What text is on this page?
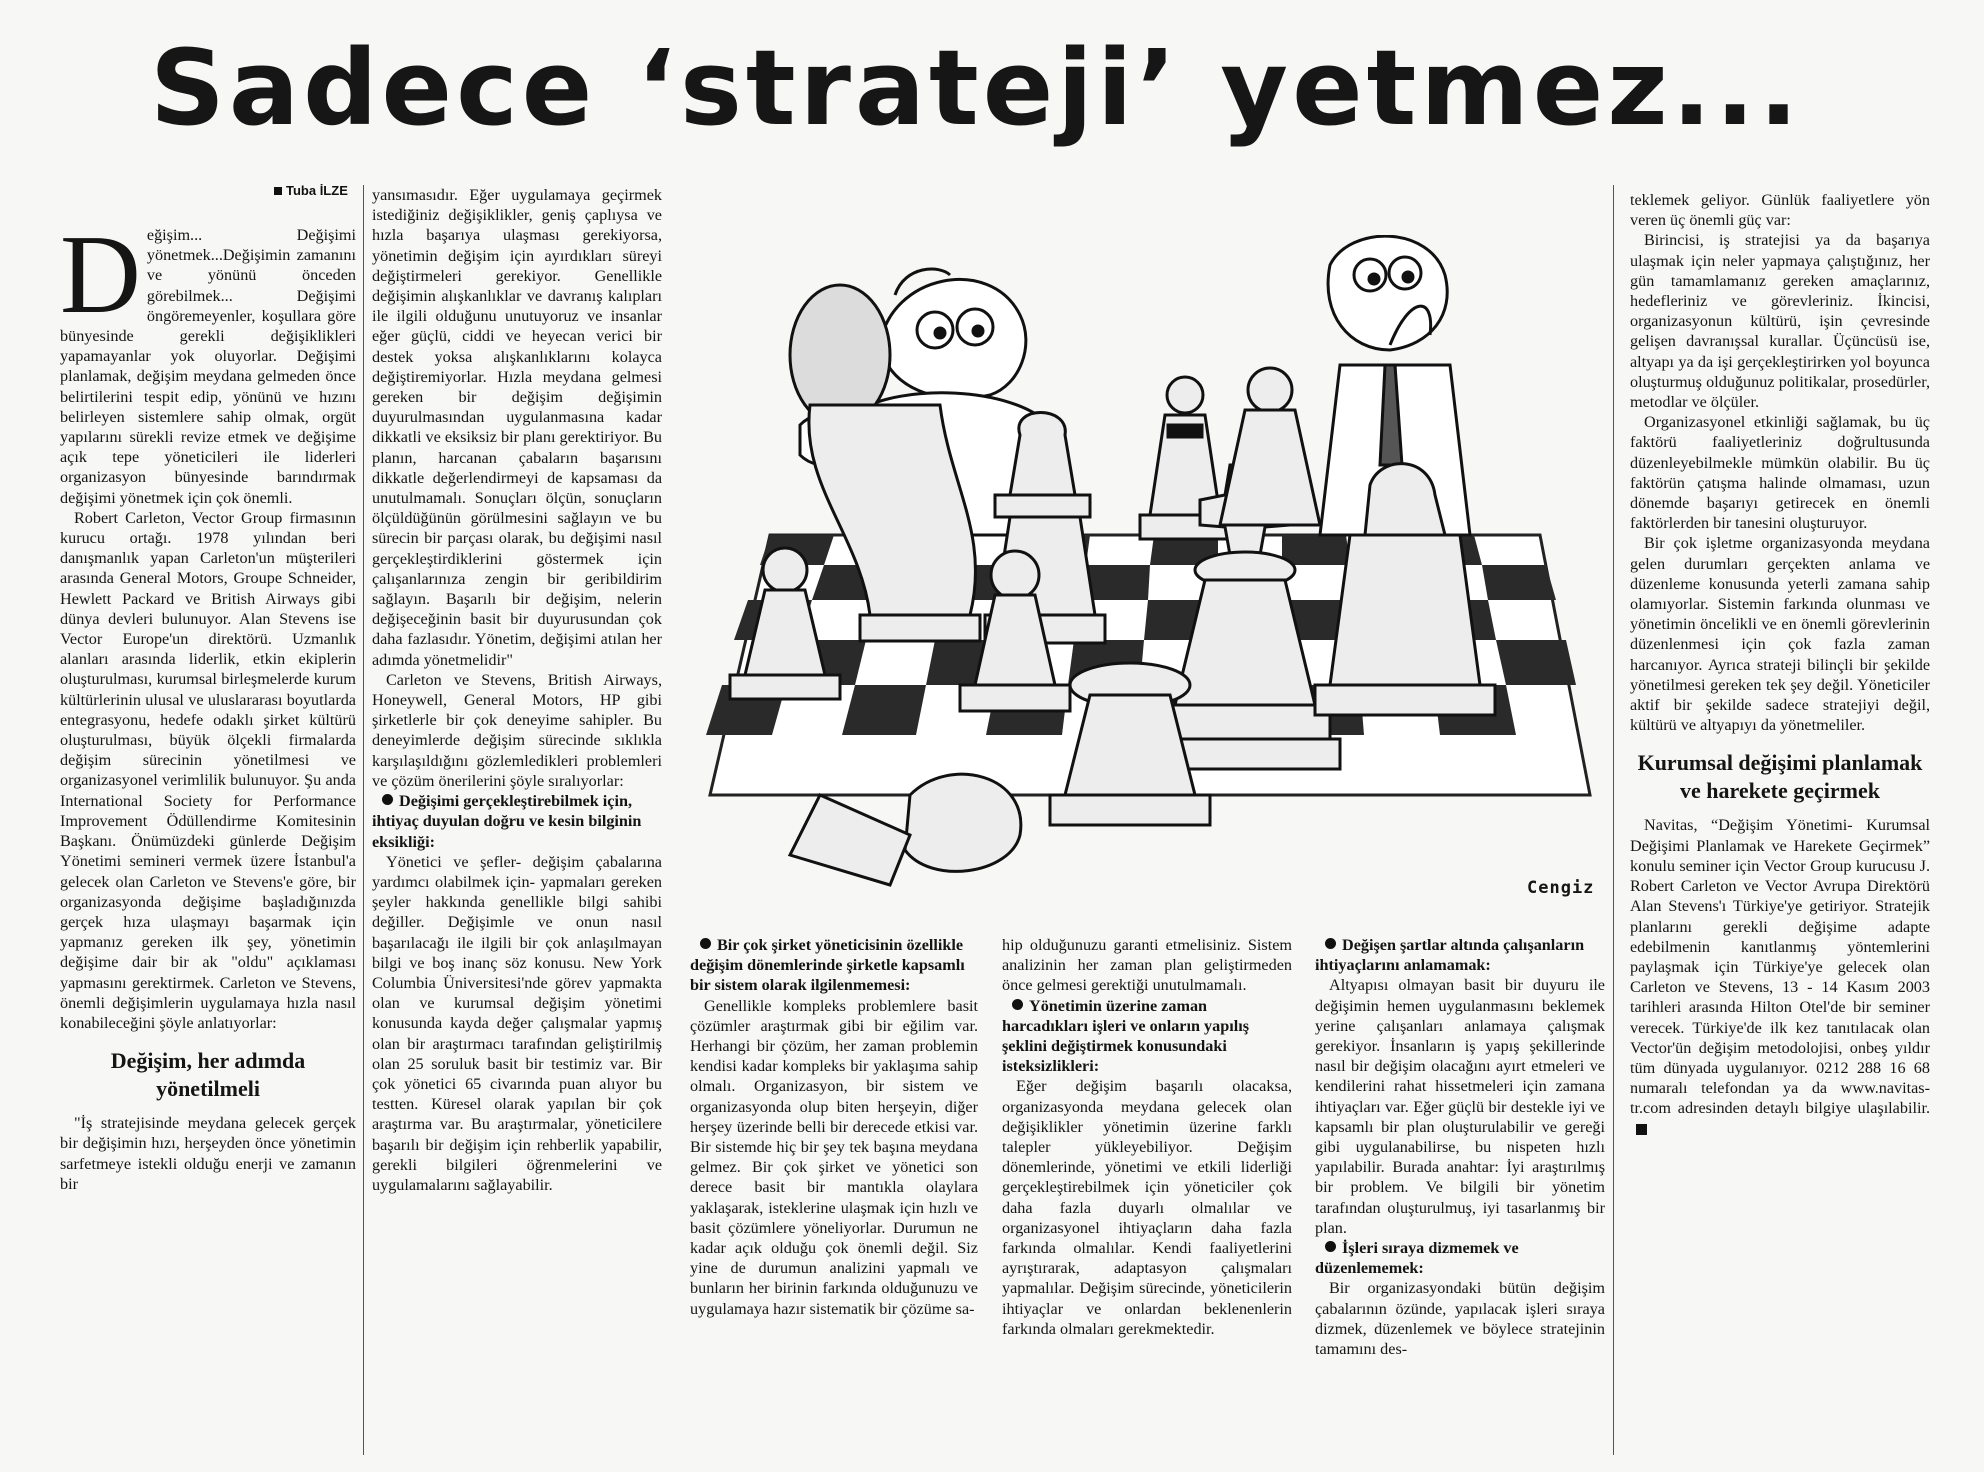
Sadece ‘strateji’ yetmez...
Tuba İLZE

Değişim... Değişimi yönetmek...Değişimin zamanını ve yönünü önceden görebilmek... Değişimi öngöremeyenler, koşullara göre bünyesinde gerekli değişiklikleri yapamayanlar yok oluyorlar. Değişimi planlamak, değişim meydana gelmeden önce belirtilerini tespit edip, yönünü ve hızını belirleyen sistemlere sahip olmak, orgüt yapılarını sürekli revize etmek ve değişime açık tepe yöneticileri ile liderleri organizasyon bünyesinde barındırmak değişimi yönetmek için çok önemli.

Robert Carleton, Vector Group firmasının kurucu ortağı. 1978 yılından beri danışmanlık yapan Carleton'un müşterileri arasında General Motors, Groupe Schneider, Hewlett Packard ve British Airways gibi dünya devleri bulunuyor. Alan Stevens ise Vector Europe'un direktörü. Uzmanlık alanları arasında liderlik, etkin ekiplerin oluşturulması, kurumsal birleşmelerde kurum kültürlerinin ulusal ve uluslararası boyutlarda entegrasyonu, hedefe odaklı şirket kültürü oluşturulması, büyük ölçekli firmalarda değişim sürecinin yönetilmesi ve organizasyonel verimlilik bulunuyor. Şu anda International Society for Performance Improvement Ödüllendirme Komitesinin Başkanı. Önümüzdeki günlerde Değişim Yönetimi semineri vermek üzere İstanbul'a gelecek olan Carleton ve Stevens'e göre, bir organizasyonda değişime başladığınızda gerçek hıza ulaşmayı başarmak için yapmanız gereken ilk şey, yönetimin değişime dair bir ak "oldu" açıklaması yapmasını gerektirmek. Carleton ve Stevens, önemli değişimlerin uygulamaya hızla nasıl konabileceğini şöyle anlatıyorlar:

Değişim, her adımda yönetilmeli

"İş stratejisinde meydana gelecek gerçek bir değişimin hızı, herşeyden önce yönetimin sarfetmeye istekli olduğu enerji ve zamanın bir

yansımasıdır. Eğer uygulamaya geçirmek istediğiniz değişiklikler, geniş çaplıysa ve hızla başarıya ulaşması gerekiyorsa, yönetimin değişim için ayırdıkları süreyi değiştirmeleri gerekiyor. Genellikle değişimin alışkanlıklar ve davranış kalıpları ile ilgili olduğunu unutuyoruz ve insanlar eğer güçlü, ciddi ve heyecan verici bir destek yoksa alışkanlıklarını kolayca değiştiremiyorlar. Hızla meydana gelmesi gereken bir değişim değişimin duyurulmasından uygulanmasına kadar dikkatli ve eksiksiz bir planı gerektiriyor. Bu planın, harcanan çabaların başarısını dikkatle değerlendirmeyi de kapsaması da unutulmamalı. Sonuçları ölçün, sonuçların ölçüldüğünün görülmesini sağlayın ve bu sürecin bir parçası olarak, bu değişimi nasıl gerçekleştirdiklerini göstermek için çalışanlarınıza zengin bir geribildirim sağlayın. Başarılı bir değişim, nelerin değişeceğinin basit bir duyurusundan çok daha fazlasıdır. Yönetim, değişimi atılan her adımda yönetmelidir"

Carleton ve Stevens, British Airways, Honeywell, General Motors, HP gibi şirketlerle bir çok deneyime sahipler. Bu deneyimlerde değişim sürecinde sıklıkla karşılaşıldığını gözlemledikleri problemleri ve çözüm önerilerini şöyle sıralıyorlar:

Değişimi gerçekleştirebilmek için, ihtiyaç duyulan doğru ve kesin bilginin eksikliği:

Yönetici ve şefler- değişim çabalarına yardımcı olabilmek için- yapmaları gereken şeyler hakkında genellikle bilgi sahibi değiller. Değişimle ve onun nasıl başarılacağı ile ilgili bir çok anlaşılmayan bilgi ve boş inanç söz konusu. New York Columbia Üniversitesi'nde görev yapmakta olan ve kurumsal değişim yönetimi konusunda kayda değer çalışmalar yapmış olan bir araştırmacı tarafından geliştirilmiş olan 25 soruluk basit bir testimiz var. Bir çok yönetici 65 civarında puan alıyor bu testten. Küresel olarak yapılan bir çok araştırma var. Bu araştırmalar, yöneticilere başarılı bir değişim için rehberlik yapabilir, gerekli bilgileri öğrenmelerini ve uygulamalarını sağlayabilir.

Cengiz

Bir çok şirket yöneticisinin özellikle değişim dönemlerinde şirketle kapsamlı bir sistem olarak ilgilenmemesi:

Genellikle kompleks problemlere basit çözümler araştırmak gibi bir eğilim var. Herhangi bir çözüm, her zaman problemin kendisi kadar kompleks bir yaklaşıma sahip olmalı. Organizasyon, bir sistem ve organizasyonda olup biten herşeyin, diğer herşey üzerinde belli bir derecede etkisi var. Bir sistemde hiç bir şey tek başına meydana gelmez. Bir çok şirket ve yönetici son derece basit bir mantıkla olaylara yaklaşarak, isteklerine ulaşmak için hızlı ve basit çözümlere yöneliyorlar. Durumun ne kadar açık olduğu çok önemli değil. Siz yine de durumun analizini yapmalı ve bunların her birinin farkında olduğunuzu ve uygulamaya hazır sistematik bir çözüme sa-

hip olduğunuzu garanti etmelisiniz. Sistem analizinin her zaman plan geliştirmeden önce gelmesi gerektiği unutulmamalı.

Yönetimin üzerine zaman harcadıkları işleri ve onların yapılış şeklini değiştirmek konusundaki isteksizlikleri:

Eğer değişim başarılı olacaksa, organizasyonda meydana gelecek olan değişiklikler yönetimin üzerine farklı talepler yükleyebiliyor. Değişim dönemlerinde, yönetimi ve etkili liderliği gerçekleştirebilmek için yöneticiler çok daha fazla duyarlı olmalılar ve organizasyonel ihtiyaçların daha fazla farkında olmalılar. Kendi faaliyetlerini ayrıştırarak, adaptasyon çalışmaları yapmalılar. Değişim sürecinde, yöneticilerin ihtiyaçlar ve onlardan beklenenlerin farkında olmaları gerekmektedir.

Değişen şartlar altında çalışanların ihtiyaçlarını anlamamak:

Altyapısı olmayan basit bir duyuru ile değişimin hemen uygulanmasını beklemek yerine çalışanları anlamaya çalışmak gerekiyor. İnsanların iş yapış şekillerinde nasıl bir değişim olacağını ayırt etmeleri ve kendilerini rahat hissetmeleri için zamana ihtiyaçları var. Eğer güçlü bir destekle iyi ve kapsamlı bir plan oluşturulabilir ve gereği gibi uygulanabilirse, bu nispeten hızlı yapılabilir. Burada anahtar: İyi araştırılmış bir problem. Ve bilgili bir yönetim tarafından oluşturulmuş, iyi tasarlanmış bir plan.

İşleri sıraya dizmemek ve düzenlememek:

Bir organizasyondaki bütün değişim çabalarının özünde, yapılacak işleri sıraya dizmek, düzenlemek ve böylece stratejinin tamamını des-

teklemek geliyor. Günlük faaliyetlere yön veren üç önemli güç var:

Birincisi, iş stratejisi ya da başarıya ulaşmak için neler yapmaya çalıştığınız, her gün tamamlamanız gereken amaçlarınız, hedefleriniz ve görevleriniz. İkincisi, organizasyonun kültürü, işin çevresinde gelişen davranışsal kurallar. Üçüncüsü ise, altyapı ya da işi gerçekleştirirken yol boyunca oluşturmuş olduğunuz politikalar, prosedürler, metodlar ve ölçüler.

Organizasyonel etkinliği sağlamak, bu üç faktörü faaliyetleriniz doğrultusunda düzenleyebilmekle mümkün olabilir. Bu üç faktörün çatışma halinde olmaması, uzun dönemde başarıyı getirecek en önemli faktörlerden bir tanesini oluşturuyor.

Bir çok işletme organizasyonda meydana gelen durumları gerçekten anlama ve düzenleme konusunda yeterli zamana sahip olamıyorlar. Sistemin farkında olunması ve yönetimin öncelikli ve en önemli görevlerinin düzenlenmesi için çok fazla zaman harcanıyor. Ayrıca strateji bilinçli bir şekilde yönetilmesi gereken tek şey değil. Yöneticiler aktif bir şekilde sadece stratejiyi değil, kültürü ve altyapıyı da yönetmeliler.

Kurumsal değişimi planlamak ve harekete geçirmek

Navitas, “Değişim Yönetimi- Kurumsal Değişimi Planlamak ve Harekete Geçirmek” konulu seminer için Vector Group kurucusu J. Robert Carleton ve Vector Avrupa Direktörü Alan Stevens'ı Türkiye'ye getiriyor. Stratejik planlarını gerekli değişime adapte edebilmenin kanıtlanmış yöntemlerini paylaşmak için Türkiye'ye gelecek olan Carleton ve Stevens, 13 - 14 Kasım 2003 tarihleri arasında Hilton Otel'de bir seminer verecek. Türkiye'de ilk kez tanıtılacak olan Vector'ün değişim metodolojisi, onbeş yıldır tüm dünyada uygulanıyor. 0212 288 16 68 numaralı telefondan ya da www.navitas-tr.com adresinden detaylı bilgiye ulaşılabilir.
